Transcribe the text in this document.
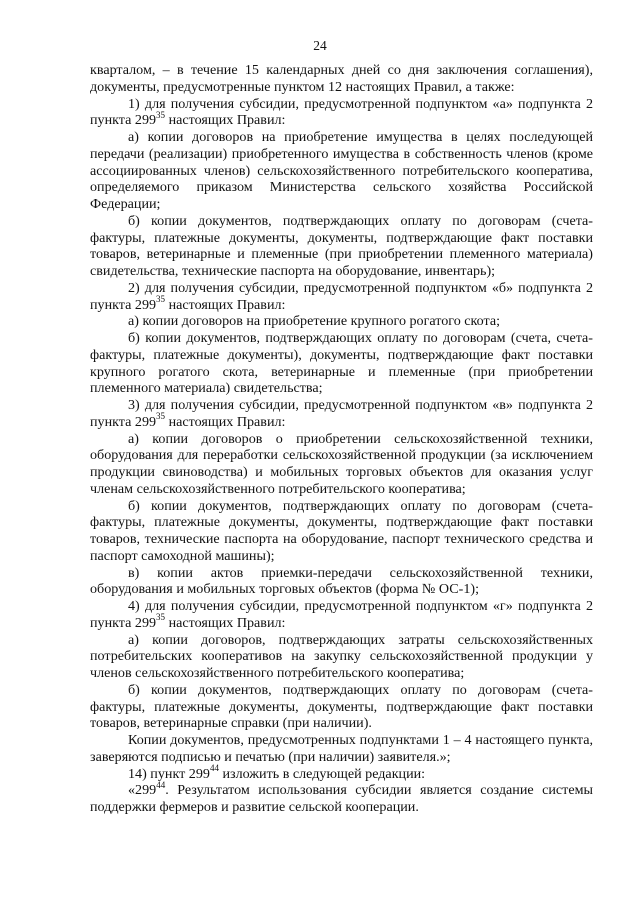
24

кварталом, – в течение 15 календарных дней со дня заключения соглашения), документы, предусмотренные пунктом 12 настоящих Правил, а также:

1) для получения субсидии, предусмотренной подпунктом «а» подпункта 2 пункта $299^{35}$ настоящих Правил:

а) копии договоров на приобретение имущества в целях последующей передачи (реализации) приобретенного имущества в собственность членов (кроме ассоциированных членов) сельскохозяйственного потребительского кооператива, определяемого приказом Министерства сельского хозяйства Российской Федерации;

б) копии документов, подтверждающих оплату по договорам (счета-фактуры, платежные документы, документы, подтверждающие факт поставки товаров, ветеринарные и племенные (при приобретении племенного материала) свидетельства, технические паспорта на оборудование, инвентарь);

2) для получения субсидии, предусмотренной подпунктом «б» подпункта 2 пункта $299^{35}$ настоящих Правил:

а) копии договоров на приобретение крупного рогатого скота;

б) копии документов, подтверждающих оплату по договорам (счета, счета-фактуры, платежные документы), документы, подтверждающие факт поставки крупного рогатого скота, ветеринарные и племенные (при приобретении племенного материала) свидетельства;

3) для получения субсидии, предусмотренной подпунктом «в» подпункта 2 пункта $299^{35}$ настоящих Правил:

а) копии договоров о приобретении сельскохозяйственной техники, оборудования для переработки сельскохозяйственной продукции (за исключением продукции свиноводства) и мобильных торговых объектов для оказания услуг членам сельскохозяйственного потребительского кооператива;

б) копии документов, подтверждающих оплату по договорам (счета-фактуры, платежные документы, документы, подтверждающие факт поставки товаров, технические паспорта на оборудование, паспорт технического средства и паспорт самоходной машины);

в) копии актов приемки-передачи сельскохозяйственной техники, оборудования и мобильных торговых объектов (форма № ОС-1);

4) для получения субсидии, предусмотренной подпунктом «г» подпункта 2 пункта $299^{35}$ настоящих Правил:

а) копии договоров, подтверждающих затраты сельскохозяйственных потребительских кооперативов на закупку сельскохозяйственной продукции у членов сельскохозяйственного потребительского кооператива;

б) копии документов, подтверждающих оплату по договорам (счета-фактуры, платежные документы, документы, подтверждающие факт поставки товаров, ветеринарные справки (при наличии).

Копии документов, предусмотренных подпунктами 1 – 4 настоящего пункта, заверяются подписью и печатью (при наличии) заявителя.»;

14) пункт $299^{44}$ изложить в следующей редакции:

«$299^{44}$. Результатом использования субсидии является создание системы поддержки фермеров и развитие сельской кооперации.
